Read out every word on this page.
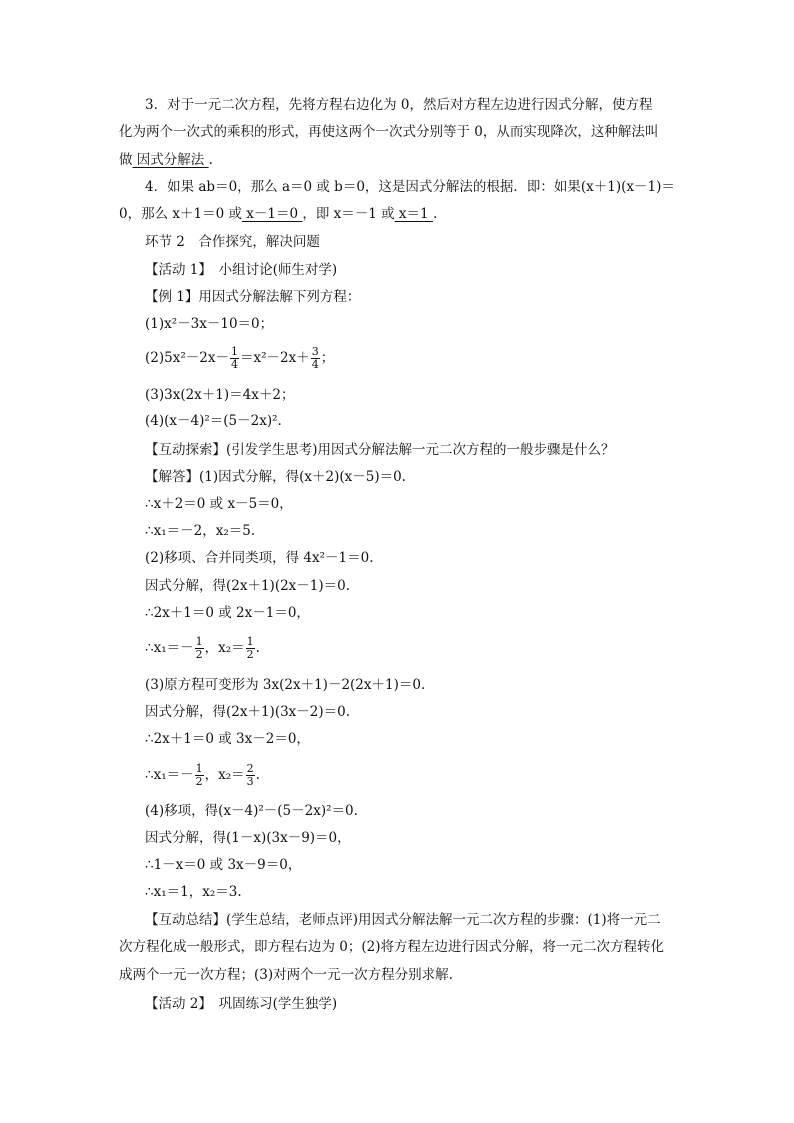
3．对于一元二次方程，先将方程右边化为 0，然后对方程左边进行因式分解，使方程
化为两个一次式的乘积的形式，再使这两个一次式分别等于 0，从而实现降次，这种解法叫
做 因式分解法 .
4．如果 ab＝0，那么 a＝0 或 b＝0，这是因式分解法的根据．即：如果(x＋1)(x－1)＝
0，那么 x＋1＝0 或 x－1＝0 ，即 x＝－1 或 x＝1 .
环节 2　合作探究，解决问题
【活动 1】　小组讨论(师生对学)
【例 1】用因式分解法解下列方程：
(1)x²－3x－10＝0；
$(2)5x^2-2x- \frac{1}{4} =x^2-2x+ \frac{3}{4}$ ；
(3)3x(2x＋1)＝4x＋2；
(4)(x－4)²＝(5－2x)².
【互动探索】(引发学生思考)用因式分解法解一元二次方程的一般步骤是什么？
【解答】(1)因式分解，得(x＋2)(x－5)＝0.
∴x＋2＝0 或 x－5＝0，
∴x₁＝－2，x₂＝5.
(2)移项、合并同类项，得 4x²－1＝0.
因式分解，得(2x＋1)(2x－1)＝0.
∴2x＋1＝0 或 2x－1＝0，
∴x₁＝－ $\frac{1}{2}$ ，$x_2= \frac{1}{2}$ .
(3)原方程可变形为 3x(2x＋1)－2(2x＋1)＝0.
因式分解，得(2x＋1)(3x－2)＝0.
∴2x＋1＝0 或 3x－2＝0，
∴x₁＝－ $\frac{1}{2}$ ，$x_2= \frac{2}{3}$ .
(4)移项，得(x－4)²－(5－2x)²＝0.
因式分解，得(1－x)(3x－9)＝0，
∴1－x＝0 或 3x－9＝0，
∴x₁＝1，x₂＝3.
【互动总结】(学生总结，老师点评)用因式分解法解一元二次方程的步骤：(1)将一元二
次方程化成一般形式，即方程右边为 0；(2)将方程左边进行因式分解，将一元二次方程转化
成两个一元一次方程；(3)对两个一元一次方程分别求解.
【活动 2】　巩固练习(学生独学)
